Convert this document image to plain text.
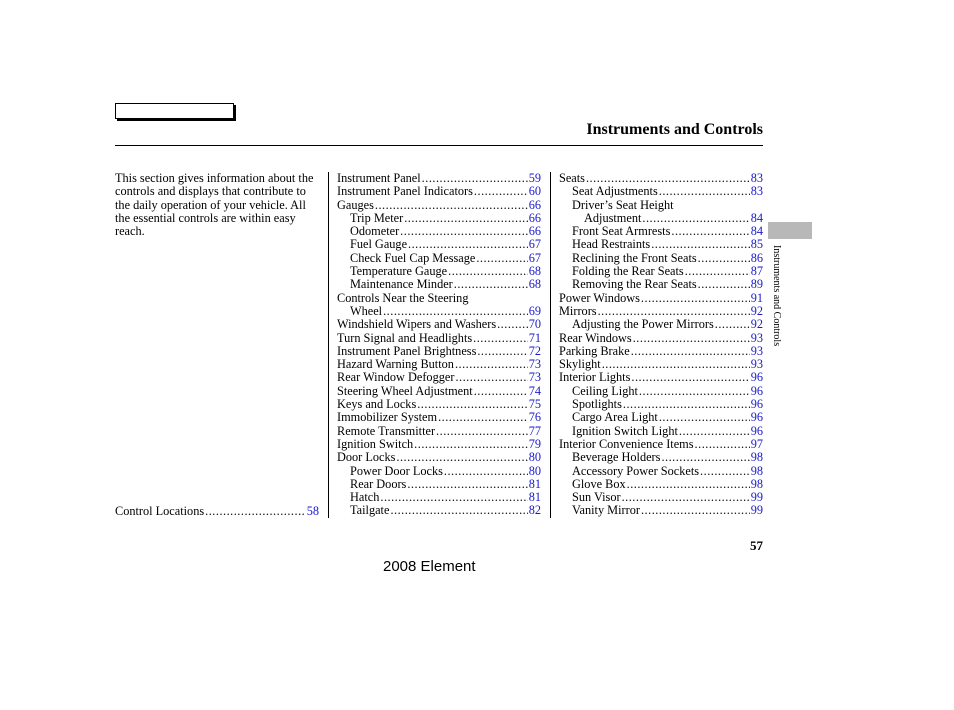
Instruments and Controls
This section gives information about the controls and displays that contribute to the daily operation of your vehicle. All the essential controls are within easy reach.
Control Locations .....	58
Instrument Panel .....	59
Instrument Panel Indicators .....	60
Gauges .....	66
Trip Meter .....	66
Odometer .....	66
Fuel Gauge .....	67
Check Fuel Cap Message .....	67
Temperature Gauge .....	68
Maintenance Minder .....	68
Controls Near the Steering
Wheel .....	69
Windshield Wipers and Washers .....	70
Turn Signal and Headlights .....	71
Instrument Panel Brightness .....	72
Hazard Warning Button .....	73
Rear Window Defogger .....	73
Steering Wheel Adjustment .....	74
Keys and Locks .....	75
Immobilizer System .....	76
Remote Transmitter .....	77
Ignition Switch .....	79
Door Locks .....	80
Power Door Locks .....	80
Rear Doors .....	81
Hatch .....	81
Tailgate .....	82
Seats .....	83
Seat Adjustments .....	83
Driver’s Seat Height
Adjustment .....	84
Front Seat Armrests .....	84
Head Restraints .....	85
Reclining the Front Seats .....	86
Folding the Rear Seats .....	87
Removing the Rear Seats .....	89
Power Windows .....	91
Mirrors .....	92
Adjusting the Power Mirrors .....	92
Rear Windows .....	93
Parking Brake .....	93
Skylight .....	93
Interior Lights .....	96
Ceiling Light .....	96
Spotlights .....	96
Cargo Area Light .....	96
Ignition Switch Light .....	96
Interior Convenience Items .....	97
Beverage Holders .....	98
Accessory Power Sockets .....	98
Glove Box .....	98
Sun Visor .....	99
Vanity Mirror .....	99
Instruments and Controls
57
2008 Element
